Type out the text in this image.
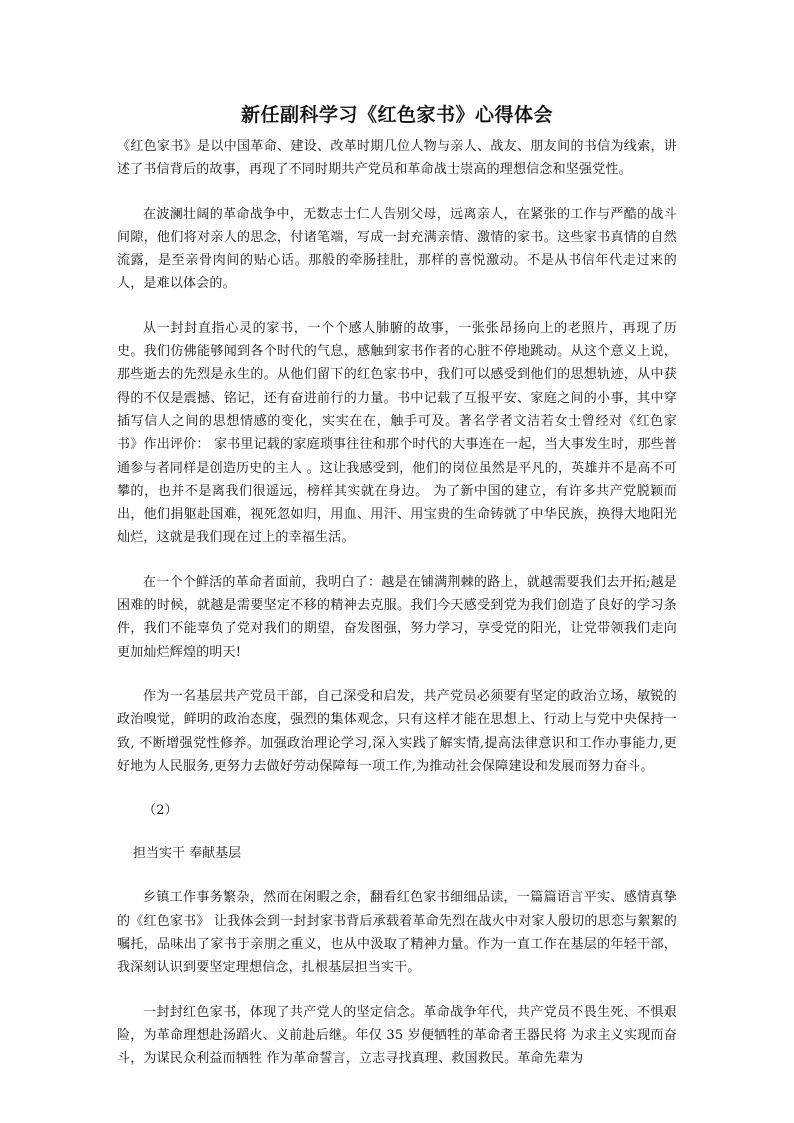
新任副科学习《红色家书》心得体会

《红色家书》是以中国革命、建设、改革时期几位人物与亲人、战友、朋友间的书信为线索，讲述了书信背后的故事，再现了不同时期共产党员和革命战士崇高的理想信念和坚强党性。

在波澜壮阔的革命战争中，无数志士仁人告别父母，远离亲人，在紧张的工作与严酷的战斗间隙，他们将对亲人的思念，付诸笔端，写成一封充满亲情、激情的家书。这些家书真情的自然流露，是至亲骨肉间的贴心话。那般的牵肠挂肚，那样的喜悦激动。不是从书信年代走过来的人，是难以体会的。

从一封封直指心灵的家书，一个个感人肺腑的故事，一张张昂扬向上的老照片，再现了历史。我们仿佛能够闻到各个时代的气息，感触到家书作者的心脏不停地跳动。从这个意义上说，那些逝去的先烈是永生的。从他们留下的红色家书中，我们可以感受到他们的思想轨迹，从中获得的不仅是震撼、铭记，还有奋进前行的力量。书中记载了互报平安、家庭之间的小事，其中穿插写信人之间的思想情感的变化，实实在在，触手可及。著名学者文洁若女士曾经对《红色家书》作出评价： 家书里记载的家庭琐事往往和那个时代的大事连在一起，当大事发生时，那些普通参与者同样是创造历史的主人 。这让我感受到，他们的岗位虽然是平凡的，英雄并不是高不可攀的，也并不是离我们很遥远，榜样其实就在身边。 为了新中国的建立，有许多共产党脱颖而出，他们捐躯赴国难，视死忽如归，用血、用汗、用宝贵的生命铸就了中华民族，换得大地阳光灿烂，这就是我们现在过上的幸福生活。

在一个个鲜活的革命者面前，我明白了：越是在铺满荆棘的路上，就越需要我们去开拓;越是困难的时候，就越是需要坚定不移的精神去克服。我们今天感受到党为我们创造了良好的学习条件，我们不能辜负了党对我们的期望，奋发图强，努力学习，享受党的阳光，让党带领我们走向更加灿烂辉煌的明天!

作为一名基层共产党员干部，自己深受和启发，共产党员必须要有坚定的政治立场，敏锐的政治嗅觉，鲜明的政治态度，强烈的集体观念，只有这样才能在思想上、行动上与党中央保持一致, 不断增强党性修养。加强政治理论学习,深入实践了解实情,提高法律意识和工作办事能力,更好地为人民服务,更努力去做好劳动保障每一项工作,为推动社会保障建设和发展而努力奋斗。

（2）

担当实干 奉献基层

乡镇工作事务繁杂，然而在闲暇之余，翻看红色家书细细品读，一篇篇语言平实、感情真挚的《红色家书》 让我体会到一封封家书背后承载着革命先烈在战火中对家人殷切的思恋与絮絮的嘱托，品味出了家书于亲朋之重义，也从中汲取了精神力量。作为一直工作在基层的年轻干部，我深刻认识到要坚定理想信念，扎根基层担当实干。

一封封红色家书，体现了共产党人的坚定信念。革命战争年代，共产党员不畏生死、不惧艰险，为革命理想赴汤蹈火、义前赴后继。年仅 35 岁便牺牲的革命者王器民将 为求主义实现而奋斗，为谋民众利益而牺牲 作为革命誓言，立志寻找真理、救国救民。革命先辈为
